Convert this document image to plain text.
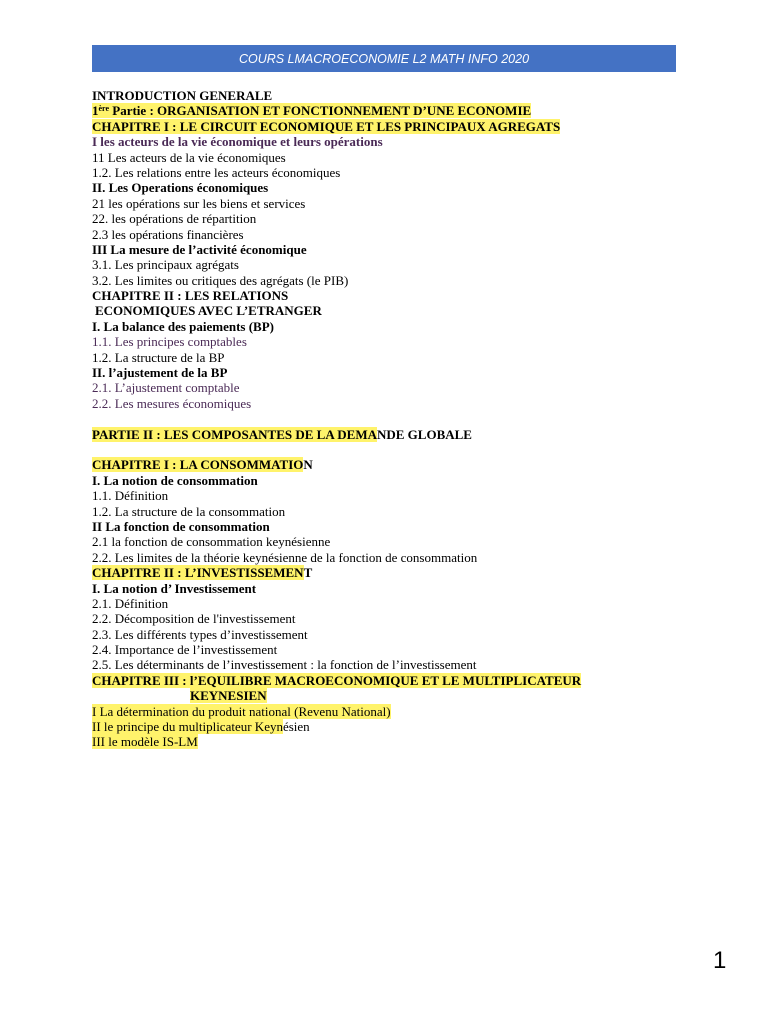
COURS LMACROECONOMIE L2 MATH INFO 2020
INTRODUCTION GENERALE
1ère Partie : ORGANISATION ET FONCTIONNEMENT D’UNE ECONOMIE
CHAPITRE I : LE CIRCUIT ECONOMIQUE ET LES PRINCIPAUX AGREGATS
I les acteurs de la vie économique et leurs opérations
11 Les acteurs de la vie économiques
1.2. Les relations entre les acteurs économiques
II. Les Operations économiques
21 les opérations sur les biens et services
22. les opérations de répartition
2.3 les opérations financières
III La mesure de l’activité économique
3.1. Les principaux agrégats
3.2. Les limites ou critiques des agrégats (le PIB)
CHAPITRE II : LES RELATIONS
ECONOMIQUES AVEC L’ETRANGER
I. La balance des paiements (BP)
1.1. Les principes comptables
1.2. La structure de la BP
II. l’ajustement de la BP
2.1. L’ajustement comptable
2.2. Les mesures économiques
PARTIE II : LES COMPOSANTES DE LA DEMANDE GLOBALE
CHAPITRE I : LA CONSOMMATION
I. La notion de consommation
1.1. Définition
1.2. La structure de la consommation
II La fonction de consommation
2.1 la fonction de consommation keynésienne
2.2. Les limites de la théorie keynésienne de la fonction de consommation
CHAPITRE II : L’INVESTISSEMENT
I. La notion d’ Investissement
2.1. Définition
2.2. Décomposition de l'investissement
2.3. Les différents types d’investissement
2.4. Importance de l’investissement
2.5. Les déterminants de l’investissement : la fonction de l’investissement
CHAPITRE III : l’EQUILIBRE MACROECONOMIQUE ET LE MULTIPLICATEUR
KEYNESIEN
I La détermination du produit national (Revenu National)
II le principe du multiplicateur Keynésien
III le modèle IS-LM
1
